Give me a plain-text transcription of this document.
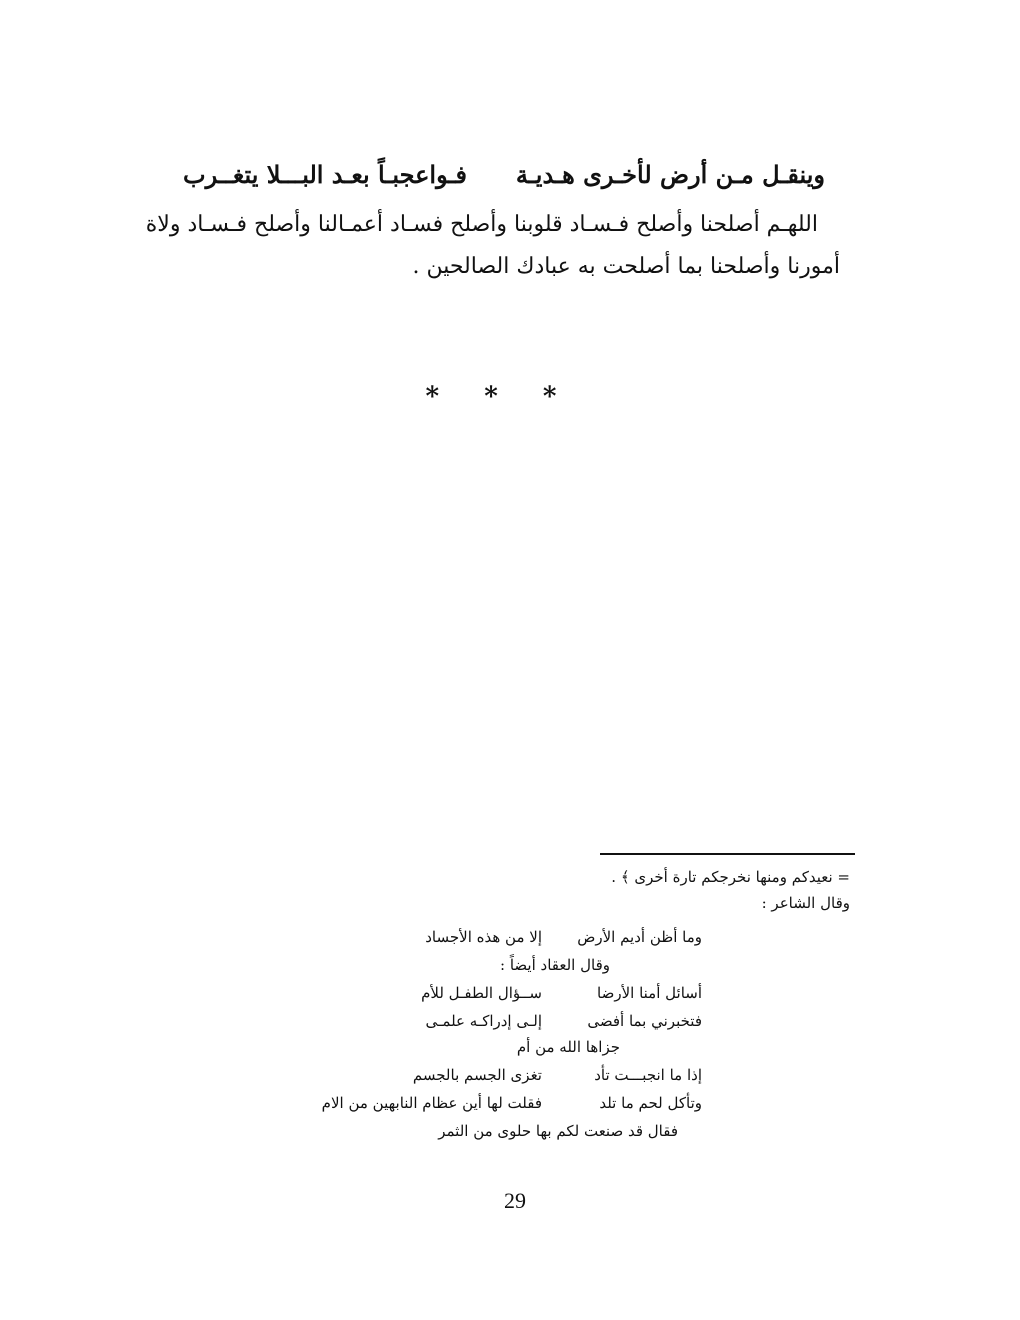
وينقـل مـن أرض لأخـرى هـديـة
فـواعجبـاً بعـد البـــلا يتغــرب
اللهـم أصلحنا وأصلح فـسـاد قلوبنا وأصلح فسـاد أعمـالنا وأصلح فـسـاد ولاة
أمورنا وأصلحنا بما أصلحت به عبادك الصالحين .
* * *
= نعيدكم ومنها نخرجكم تارة أخرى ﴾ .
وقال الشاعر :
وما أظن أديم الأرض
إلا من هذه الأجساد
وقال العقاد أيضاً :
أسائل أمنا الأرضا
ســؤال الطفـل للأم
فتخبرني بما أفضى
إلـى إدراكـه علمـى
جزاها الله من أم
إذا ما انجبـــت تأد
تغزى الجسم بالجسم
وتأكل لحم ما تلد
فقلت لها أين عظام النابهين من الام
فقال قد صنعت لكم بها حلوى من الثمر
29
